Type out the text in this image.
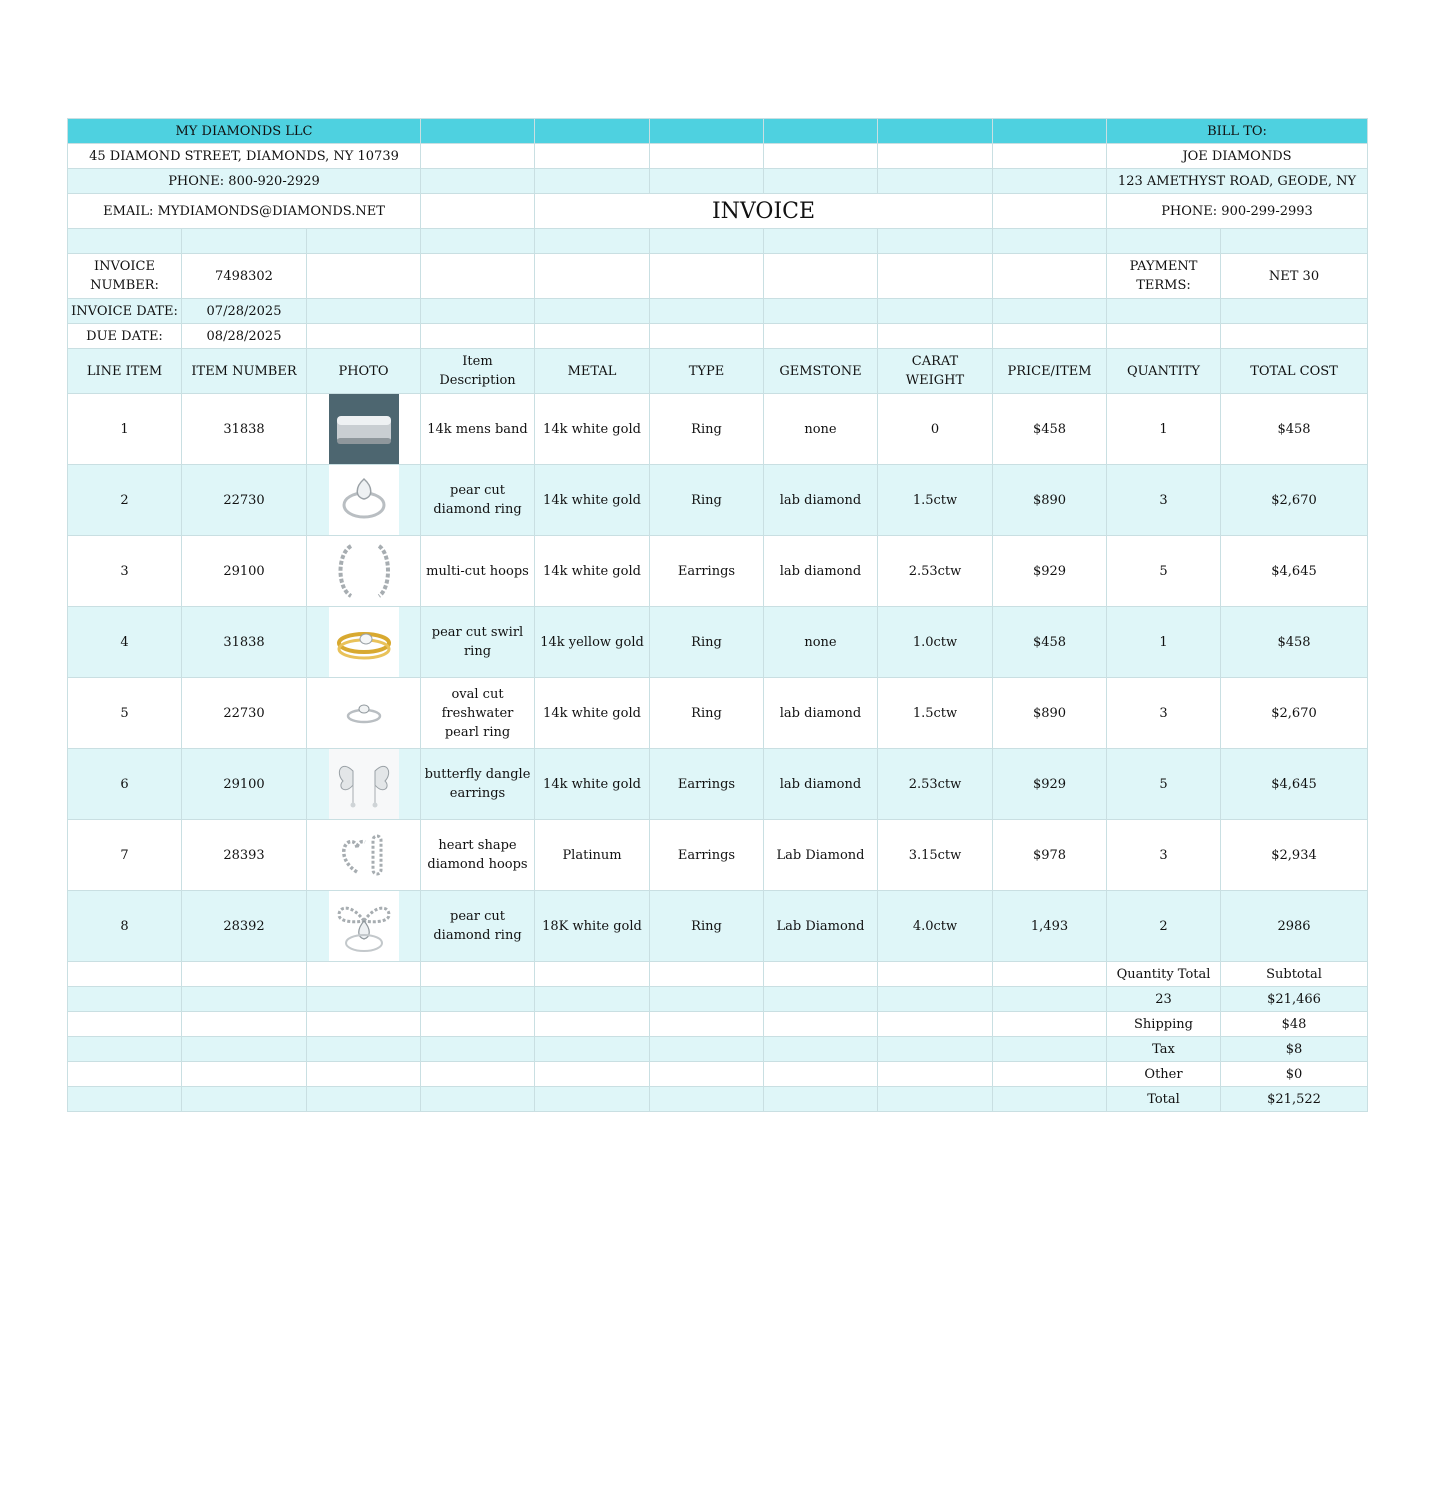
MY DIAMONDS LLC									BILL TO:	
45 DIAMOND STREET, DIAMONDS, NY 10739									JOE DIAMONDS	
PHONE: 800-920-2929									123 AMETHYST ROAD, GEODE, NY	
EMAIL: MYDIAMONDS@DIAMONDS.NET				INVOICE					PHONE: 900-299-2993	

INVOICE NUMBER:	7498302								PAYMENT TERMS:	NET 30
INVOICE DATE:	07/28/2025									
DUE DATE:	08/28/2025									
LINE ITEM	ITEM NUMBER	PHOTO	Item Description	METAL	TYPE	GEMSTONE	CARAT WEIGHT	PRICE/ITEM	QUANTITY	TOTAL COST
1	31838		14k mens band	14k white gold	Ring	none	0	$458	1	$458
2	22730		pear cut diamond ring	14k white gold	Ring	lab diamond	1.5ctw	$890	3	$2,670
3	29100		multi-cut hoops	14k white gold	Earrings	lab diamond	2.53ctw	$929	5	$4,645
4	31838		pear cut swirl ring	14k yellow gold	Ring	none	1.0ctw	$458	1	$458
5	22730		oval cut freshwater pearl ring	14k white gold	Ring	lab diamond	1.5ctw	$890	3	$2,670
6	29100		butterfly dangle earrings	14k white gold	Earrings	lab diamond	2.53ctw	$929	5	$4,645
7	28393		heart shape diamond hoops	Platinum	Earrings	Lab Diamond	3.15ctw	$978	3	$2,934
8	28392		pear cut diamond ring	18K white gold	Ring	Lab Diamond	4.0ctw	1,493	2	2986
									Quantity Total	Subtotal
									23	$21,466
									Shipping	$48
									Tax	$8
									Other	$0
									Total	$21,522
